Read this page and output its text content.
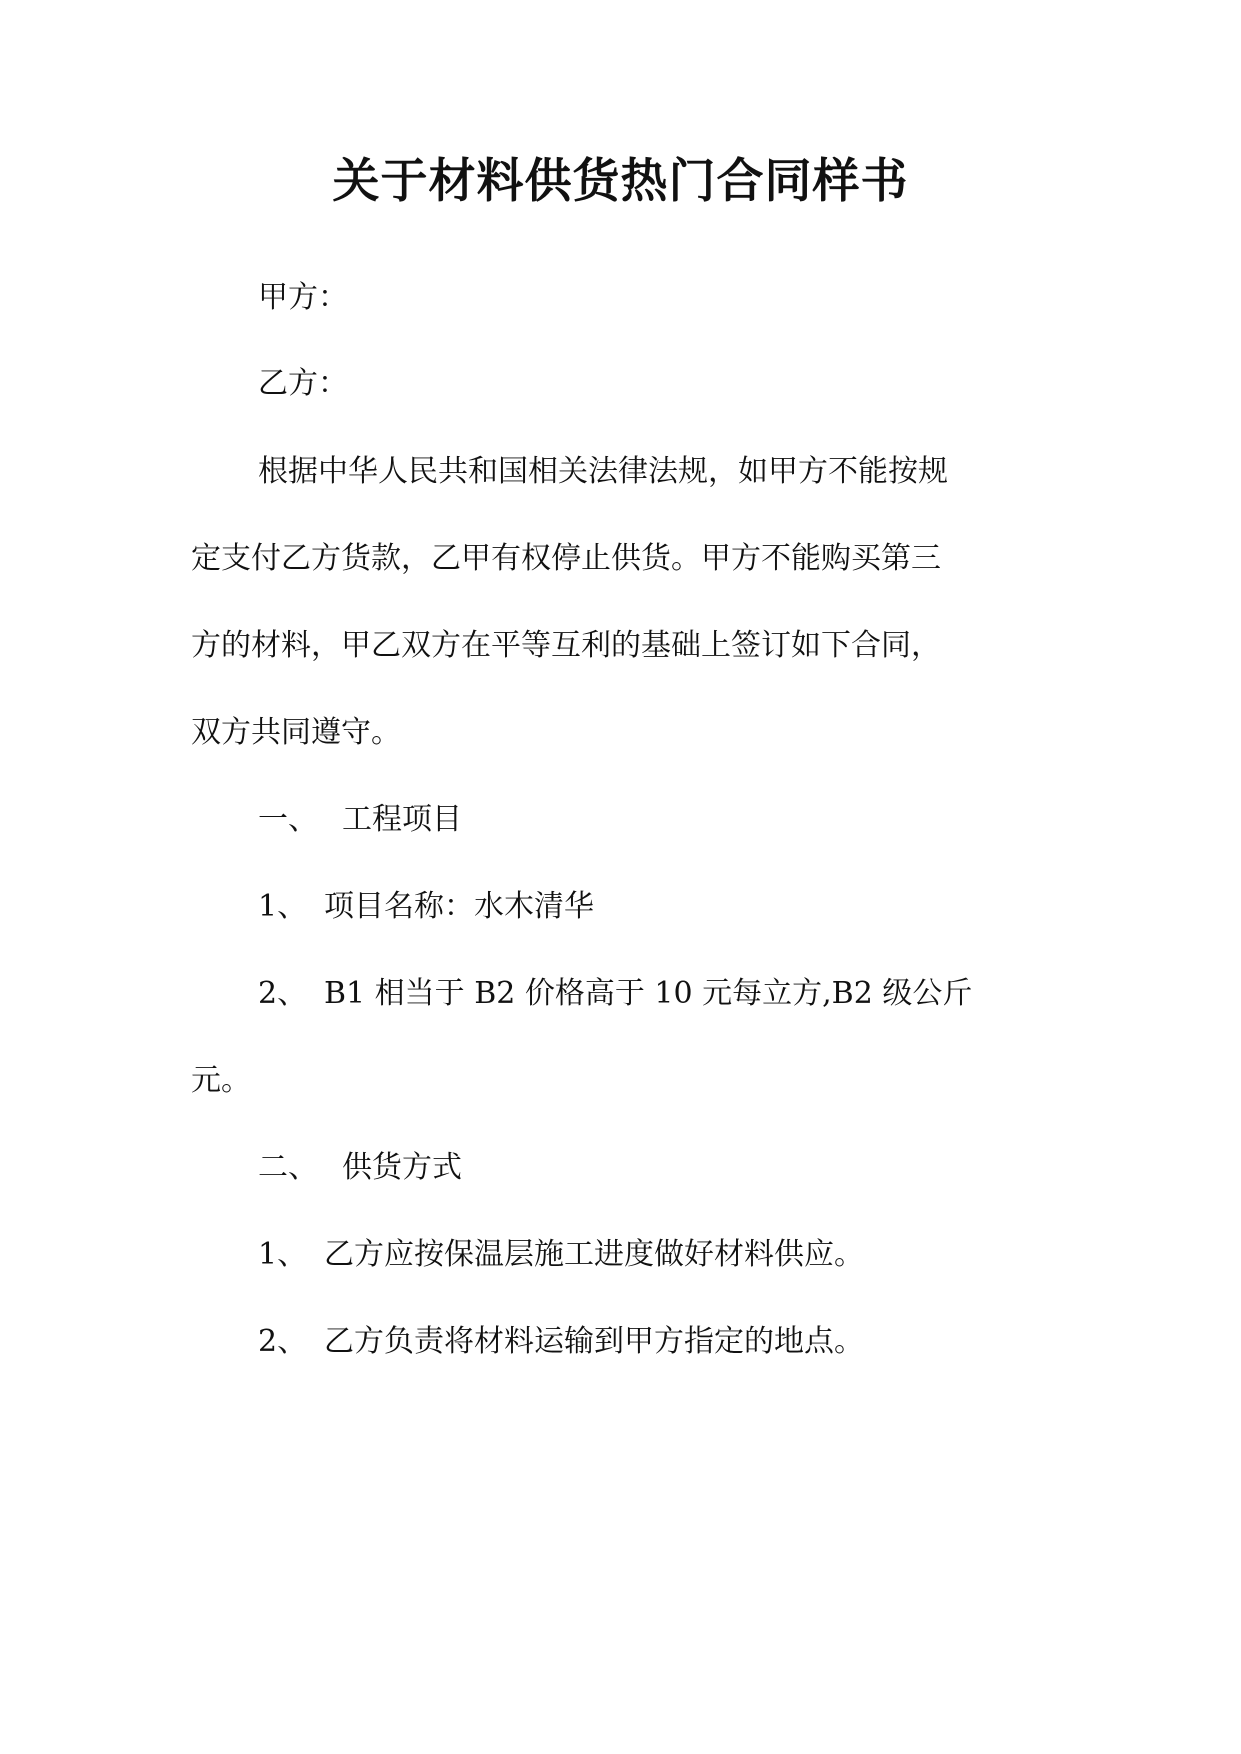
关于材料供货热门合同样书

甲方：

乙方：

根据中华人民共和国相关法律法规，如甲方不能按规

定支付乙方货款，乙甲有权停止供货。甲方不能购买第三

方的材料，甲乙双方在平等互利的基础上签订如下合同，

双方共同遵守。

一、 工程项目

1、 项目名称：水木清华

2、 B1 相当于 B2 价格高于 10 元每立方,B2 级公斤

元。

二、 供货方式

1、 乙方应按保温层施工进度做好材料供应。

2、 乙方负责将材料运输到甲方指定的地点。
